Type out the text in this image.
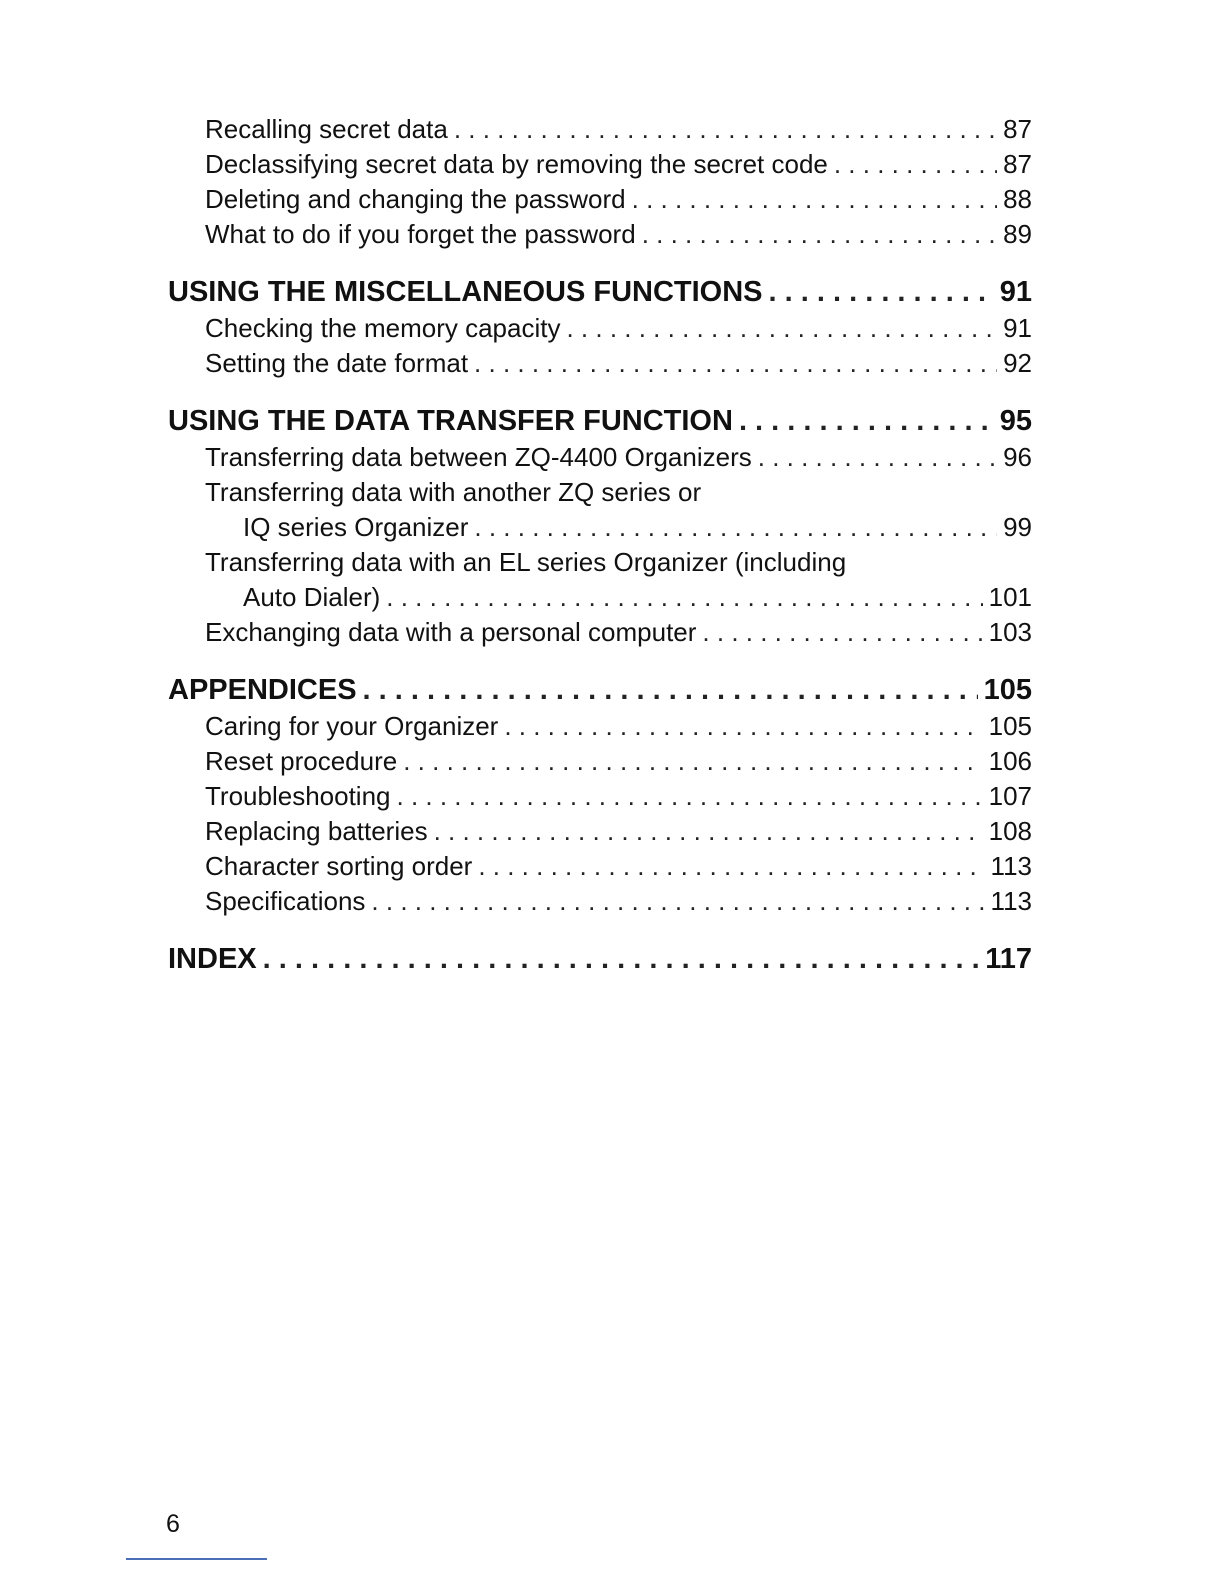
Recalling secret data . . .	87
Declassifying secret data by removing the secret code . . .	87
Deleting and changing the password . . .	88
What to do if you forget the password . . .	89
USING THE MISCELLANEOUS FUNCTIONS . . .	91
Checking the memory capacity . . .	91
Setting the date format . . .	92
USING THE DATA TRANSFER FUNCTION . . .	95
Transferring data between ZQ-4400 Organizers . . .	96
Transferring data with another ZQ series or
IQ series Organizer . . .	99
Transferring data with an EL series Organizer (including
Auto Dialer) . . .	101
Exchanging data with a personal computer . . .	103
APPENDICES . . .	105
Caring for your Organizer . . .	105
Reset procedure . . .	106
Troubleshooting . . .	107
Replacing batteries . . .	108
Character sorting order . . .	113
Specifications . . .	113
INDEX . . .	117
6
